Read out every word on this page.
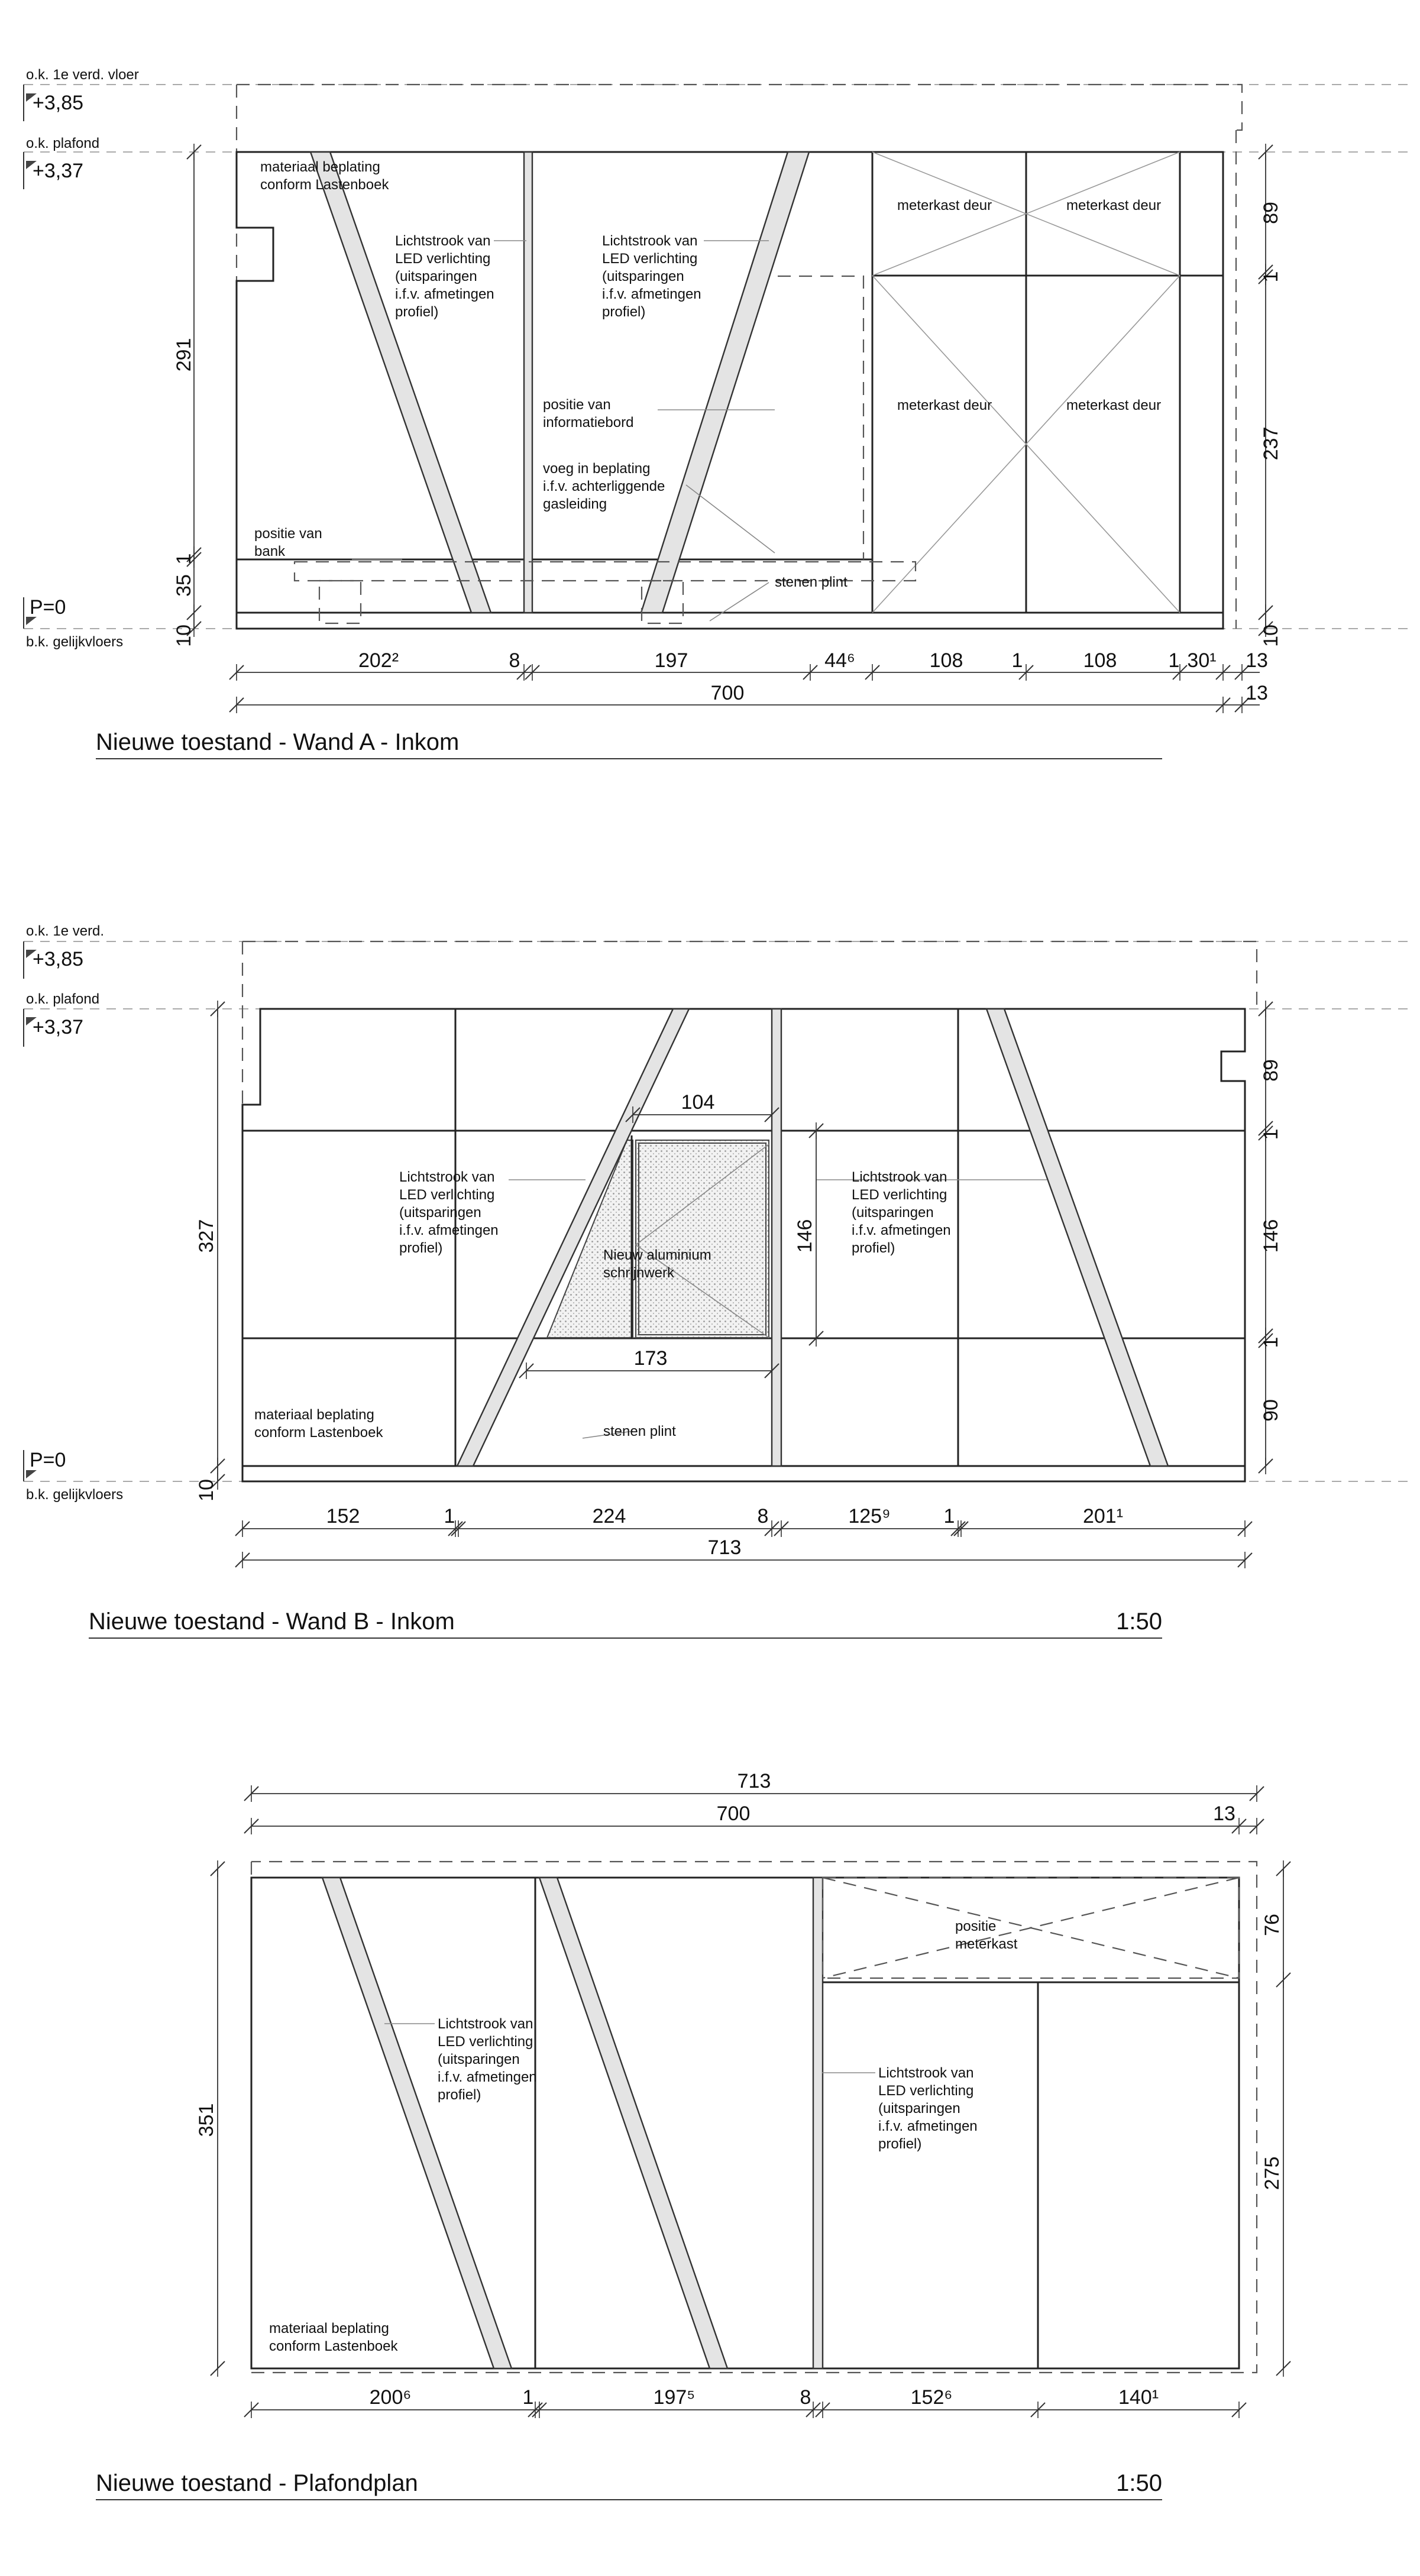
o.k. 1e verd. vloer
+3,85
o.k. plafond
+3,37
P=0
b.k. gelijkvloers
materiaal beplating conform Lastenboek
Lichtstrook van LED verlichting (uitsparingen i.f.v. afmetingen profiel)
Lichtstrook van LED verlichting (uitsparingen i.f.v. afmetingen profiel)
positie van informatiebord
voeg in beplating i.f.v. achterliggende gasleiding
positie van bank
stenen plint
meterkast deur	meterkast deur
meterkast deur	meterkast deur
291
1
35
10
89
1
237
10
202²	8	197	44⁶	108 1	108	1 30¹ 13
700	13
Nieuwe toestand - Wand A - Inkom
o.k. 1e verd.
+3,85
o.k. plafond
+3,37
P=0
b.k. gelijkvloers
Lichtstrook van LED verlichting (uitsparingen i.f.v. afmetingen profiel)
Lichtstrook van LED verlichting (uitsparingen i.f.v. afmetingen profiel)
Nieuw aluminium schrijnwerk
materiaal beplating conform Lastenboek	stenen plint
104
146
173
327
10
89
1
146
1
90
152	1	224	8	125⁹	1	201¹
713
Nieuwe toestand - Wand B - Inkom	1:50
713
700	13
Lichtstrook van LED verlichting (uitsparingen i.f.v. afmetingen profiel)
Lichtstrook van LED verlichting (uitsparingen i.f.v. afmetingen profiel)
positie meterkast
materiaal beplating conform Lastenboek
351
76
275
200⁶	1	197⁵	8	152⁶	140¹
Nieuwe toestand - Plafondplan	1:50
